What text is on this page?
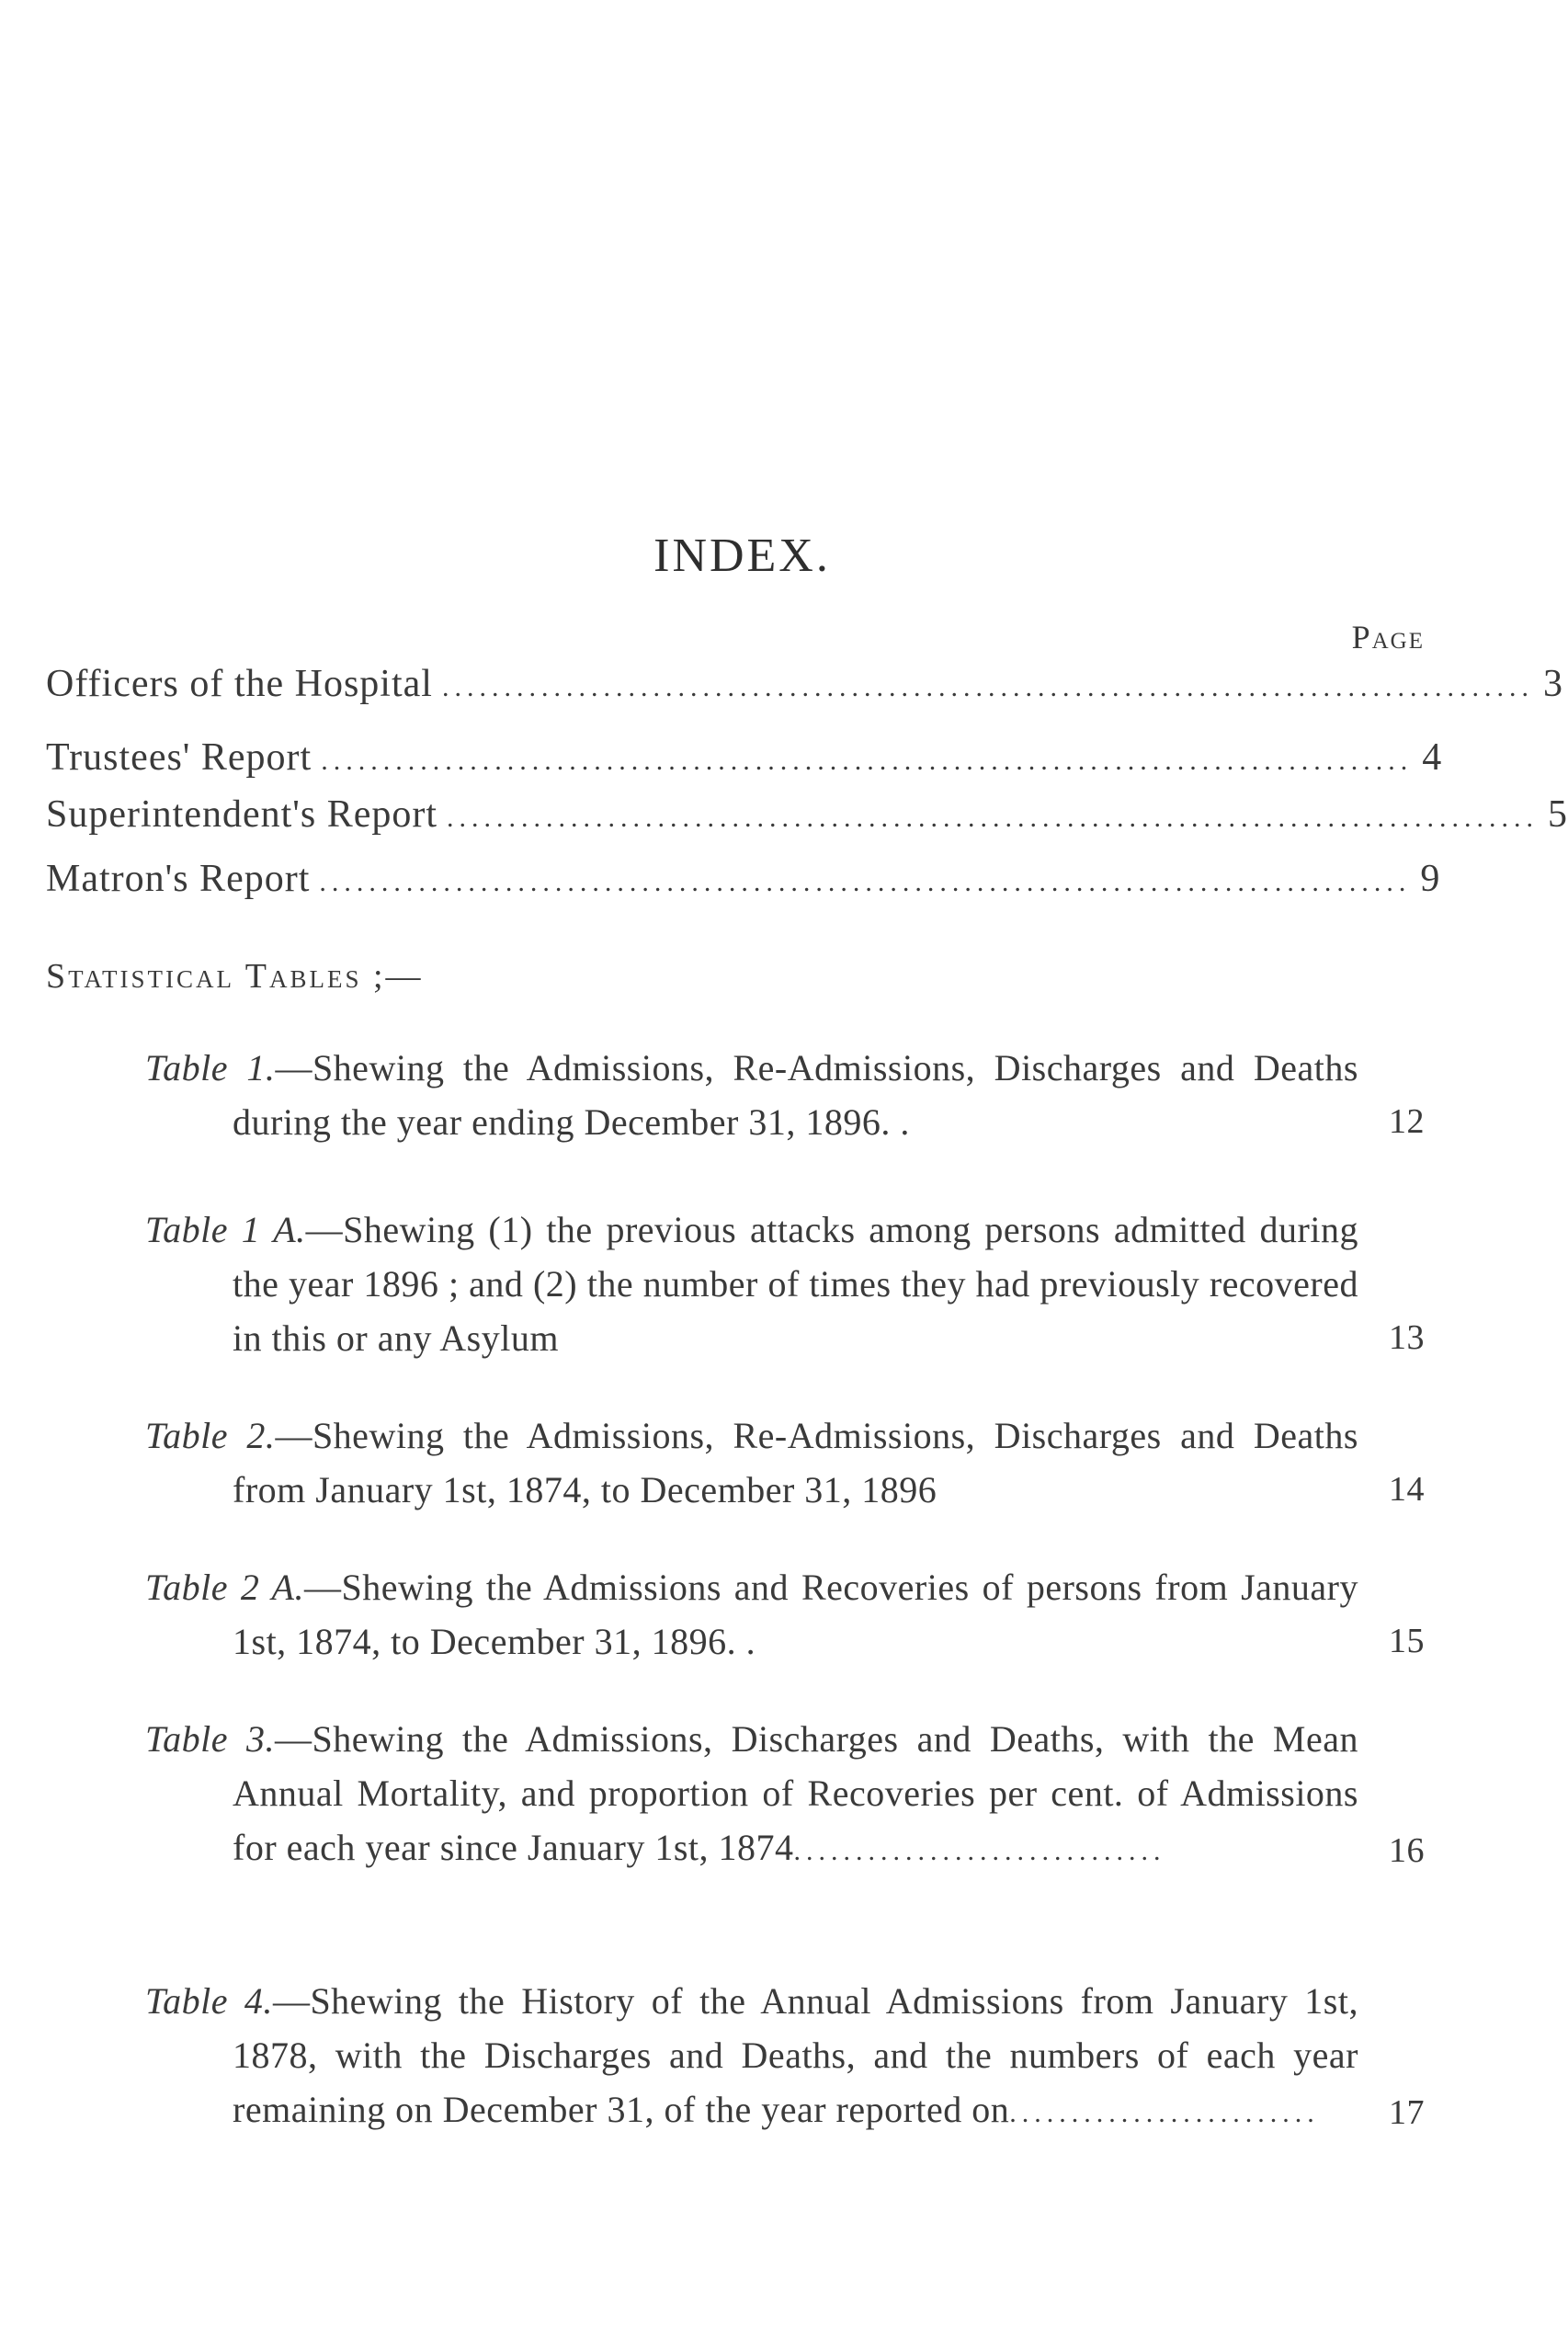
INDEX.
Page
Officers of the Hospital ........................................................................................ 3
Trustees' Report ........................................................................................ 4
Superintendent's Report ........................................................................................ 5
Matron's Report ........................................................................................ 9
Statistical Tables ;—
Table 1.—Shewing the Admissions, Re-Admissions, Discharges and Deaths during the year ending December 31, 1896. .	12
Table 1 A.—Shewing (1) the previous attacks among persons admitted during the year 1896 ; and (2) the number of times they had previously recovered in this or any Asylum	13
Table 2.—Shewing the Admissions, Re-Admissions, Discharges and Deaths from January 1st, 1874, to December 31, 1896	14
Table 2 A.—Shewing the Admissions and Recoveries of persons from January 1st, 1874, to December 31, 1896. .	15
Table 3.—Shewing the Admissions, Discharges and Deaths, with the Mean Annual Mortality, and proportion of Recoveries per cent. of Admissions for each year since January 1st, 1874..............................	16
Table 4.—Shewing the History of the Annual Admissions from January 1st, 1878, with the Discharges and Deaths, and the numbers of each year remaining on December 31, of the year reported on.........................	17
